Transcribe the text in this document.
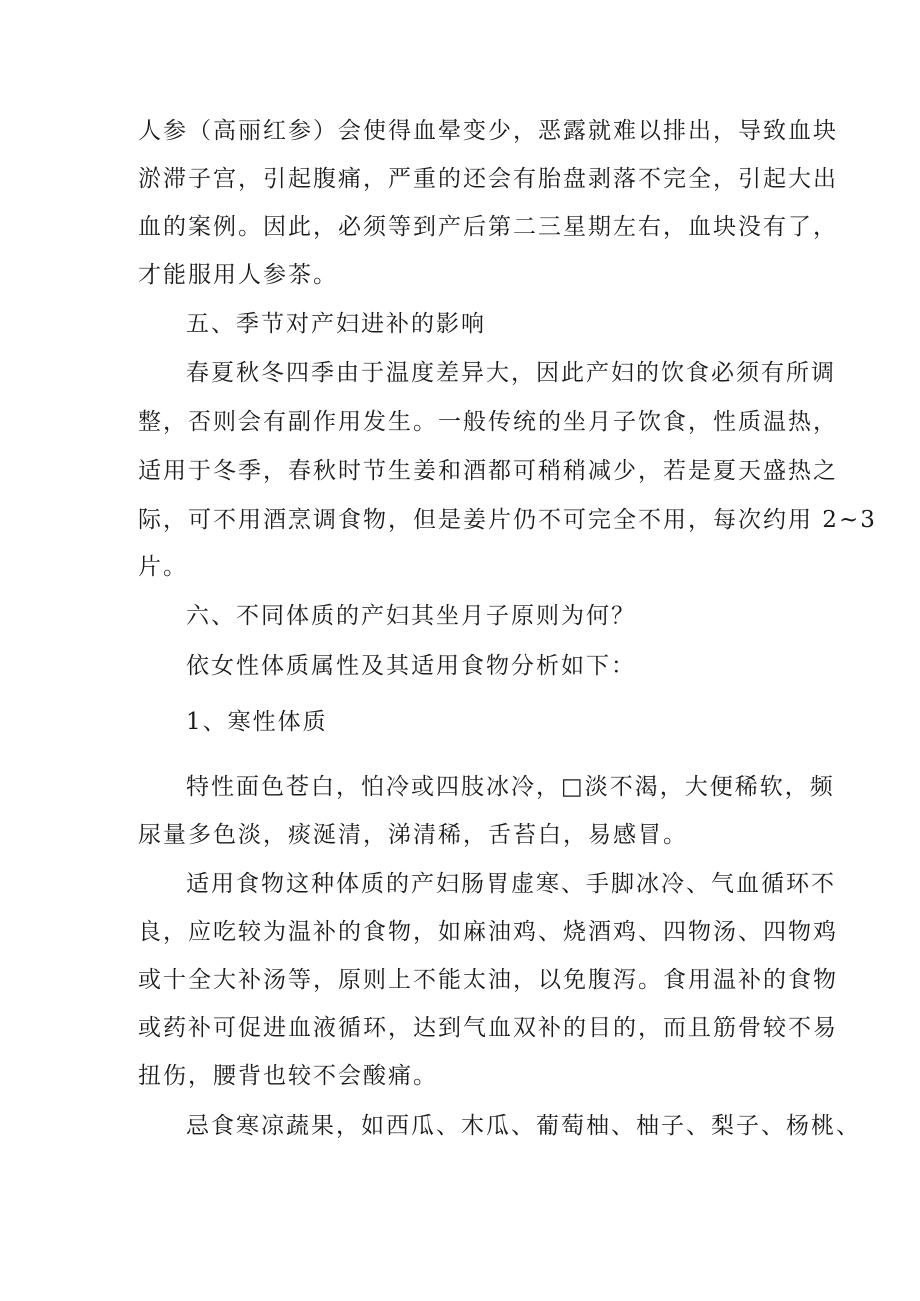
人参（高丽红参）会使得血晕变少，恶露就难以排出，导致血块
淤滞子宫，引起腹痛，严重的还会有胎盘剥落不完全，引起大出
血的案例。因此，必须等到产后第二三星期左右，血块没有了，
才能服用人参茶。
五、季节对产妇进补的影响
春夏秋冬四季由于温度差异大，因此产妇的饮食必须有所调
整，否则会有副作用发生。一般传统的坐月子饮食，性质温热，
适用于冬季，春秋时节生姜和酒都可稍稍减少，若是夏天盛热之
际，可不用酒烹调食物，但是姜片仍不可完全不用，每次约用 2~3
片。
六、不同体质的产妇其坐月子原则为何？
依女性体质属性及其适用食物分析如下：
1、寒性体质
特性面色苍白，怕冷或四肢冰冷，□淡不渴，大便稀软，频
尿量多色淡，痰涎清，涕清稀，舌苔白，易感冒。
适用食物这种体质的产妇肠胃虚寒、手脚冰冷、气血循环不
良，应吃较为温补的食物，如麻油鸡、烧酒鸡、四物汤、四物鸡
或十全大补汤等，原则上不能太油，以免腹泻。食用温补的食物
或药补可促进血液循环，达到气血双补的目的，而且筋骨较不易
扭伤，腰背也较不会酸痛。
忌食寒凉蔬果，如西瓜、木瓜、葡萄柚、柚子、梨子、杨桃、
